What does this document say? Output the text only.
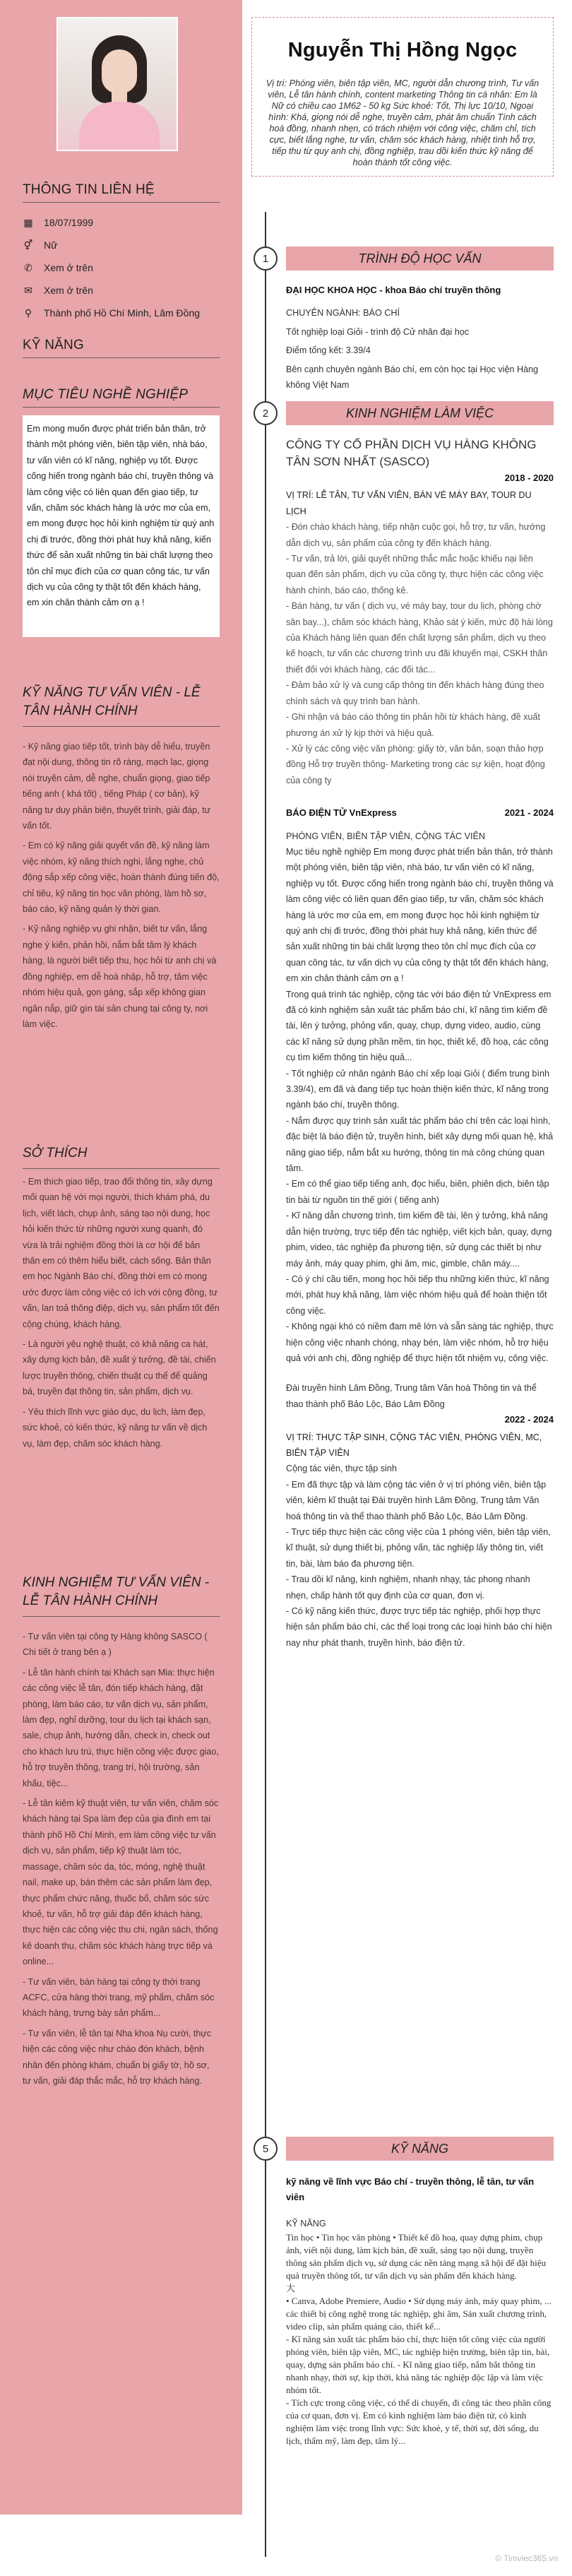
THÔNG TIN LIÊN HỆ
▦ 18/07/1999
⚥ Nữ
✆ Xem ở trên
✉ Xem ở trên
⚲ Thành phố Hồ Chí Minh, Lâm Đồng
KỸ NĂNG
MỤC TIÊU NGHỀ NGHIỆP
Em mong muốn được phát triển bản thân, trở thành một phóng viên, biên tập viên, nhà báo, tư vấn viên có kĩ năng, nghiệp vụ tốt. Được cống hiến trong ngành báo chí, truyền thông và làm công việc có liên quan đến giao tiếp, tư vấn, chăm sóc khách hàng là ước mơ của em, em mong được học hỏi kinh nghiệm từ quý anh chị đi trước, đồng thời phát huy khả năng, kiến thức để sản xuất những tin bài chất lượng theo tôn chỉ mục đích của cơ quan công tác, tư vấn dịch vụ của công ty thật tốt đến khách hàng, em xin chân thành cảm ơn ạ !
KỸ NĂNG TƯ VẤN VIÊN - LỄ TÂN HÀNH CHÍNH

- Kỹ năng giao tiếp tốt, trình bày dễ hiểu, truyền đạt nội dung, thông tin rõ ràng, mạch lạc, giọng nói truyền cảm, dễ nghe, chuẩn giọng, giao tiếp tiếng anh ( khá tốt) , tiếng Pháp ( cơ bản), kỹ năng tư duy phản biện, thuyết trình, giải đáp, tư vấn tốt.

- Em có kỹ năng giải quyết vấn đề, kỹ năng làm việc nhóm, kỹ năng thích nghi, lắng nghe, chủ động sắp xếp công việc, hoàn thành đúng tiến độ, chỉ tiêu, kỹ năng tin học văn phòng, làm hồ sơ, báo cáo, kỹ năng quản lý thời gian.

- Kỹ năng nghiệp vụ ghi nhận, biết tư vấn, lắng nghe ý kiến, phản hồi, nắm bắt tâm lý khách hàng, là người biết tiếp thu, học hỏi từ anh chị và đồng nghiệp, em dễ hoà nhập, hỗ trợ, tâm việc nhóm hiệu quả, gọn gàng, sắp xếp không gian ngăn nắp, giữ gìn tài sản chung tại công ty, nơi làm việc.

SỞ THÍCH

- Em thích giao tiếp, trao đổi thông tin, xây dựng mối quan hệ với mọi người, thích khám phá, du lịch, viết lách, chụp ảnh, sáng tạo nội dung, học hỏi kiến thức từ những người xung quanh, đó vừa là trải nghiệm đồng thời là cơ hội để bản thân em có thêm hiểu biết, cách sống. Bản thân em học Ngành Báo chí, đồng thời em có mong ước được làm công việc có ích với cộng đồng, tư vấn, lan toả thông điệp, dịch vụ, sản phẩm tốt đến cộng chúng, khách hàng.

- Là người yêu nghệ thuật, có khả năng ca hát, xây dựng kịch bản, đề xuất ý tưởng, đề tài, chiến lược truyền thông, chiến thuật cụ thể để quảng bá, truyền đạt thông tin, sản phẩm, dịch vụ.

- Yêu thích lĩnh vực giáo dục, du lịch, làm đẹp, sức khoẻ, có kiến thức, kỹ năng tư vấn về dịch vụ, làm đẹp, chăm sóc khách hàng.

KINH NGHIỆM TƯ VẤN VIÊN - LỄ TÂN HÀNH CHÍNH

- Tư vấn viên tại công ty Hàng không SASCO ( Chi tiết ở trang bên ạ )

- Lễ tân hành chính tại Khách sạn Mia: thực hiện các công việc lễ tân, đón tiếp khách hàng, đặt phòng, làm báo cáo, tư vấn dịch vụ, sản phẩm, làm đẹp, nghỉ dưỡng, tour du lịch tại khách sạn, sale, chụp ảnh, hướng dẫn, check in, check out cho khách lưu trú, thực hiện công việc được giao, hỗ trợ truyền thông, trang trí, hội trường, sản khấu, tiệc...

- Lễ tân kiêm kỹ thuật viên, tư vấn viên, chăm sóc khách hàng tại Spa làm đẹp của gia đình em tại thành phố Hồ Chí Minh, em làm công việc tư vấn dịch vụ, sản phẩm, tiếp kỹ thuật làm tóc, massage, chăm sóc da, tóc, móng, nghệ thuật nail, make up, bán thêm các sản phẩm làm đẹp, thực phẩm chức năng, thuốc bổ, chăm sóc sức khoẻ, tư vấn, hỗ trợ giải đáp đến khách hàng, thực hiện các công việc thu chi, ngân sách, thống kê doanh thu, chăm sóc khách hàng trực tiếp và online...

- Tư vấn viên, bán hàng tại công ty thời trang ACFC, cửa hàng thời trang, mỹ phẩm, chăm sóc khách hàng, trưng bày sản phẩm...

- Tư vấn viên, lễ tân tại Nha khoa Nụ cười, thực hiện các công việc như chào đón khách, bệnh nhân đến phòng khám, chuẩn bị giấy tờ, hồ sơ, tư vấn, giải đáp thắc mắc, hỗ trợ khách hàng.

Nguyễn Thị Hồng Ngọc
Vị trí: Phóng viên, biên tập viên, MC, người dẫn chương trình, Tư vấn viên, Lễ tân hành chính, content marketing Thông tin cá nhân: Em là Nữ có chiều cao 1M62 - 50 kg Sức khoẻ: Tốt, Thị lực 10/10, Ngoại hình: Khá, giọng nói dễ nghe, truyền cảm, phát âm chuẩn Tính cách hoà đồng, nhanh nhẹn, có trách nhiệm với công việc, chăm chỉ, tích cực, biết lắng nghe, tư vấn, chăm sóc khách hàng, nhiệt tình hỗ trợ, tiếp thu từ quy anh chị, đồng nghiệp, trau dồi kiến thức kỹ năng để hoàn thành tốt công việc.
1	TRÌNH ĐỘ HỌC VẤN
ĐẠI HỌC KHOA HỌC - khoa Báo chí truyền thông

CHUYÊN NGÀNH: BÁO CHÍ

Tốt nghiệp loại Giỏi - trình độ Cử nhân đại học

Điểm tổng kết: 3.39/4

Bên cạnh chuyên ngành Báo chí, em còn học tại Học viện Hàng không Việt Nam

2	KINH NGHIỆM LÀM VIỆC
CÔNG TY CỔ PHẦN DỊCH VỤ HÀNG KHÔNG TÂN SƠN NHẤT (SASCO)
2018 - 2020
VỊ TRÍ: LỄ TÂN, TƯ VẤN VIÊN, BÁN VÉ MÁY BAY, TOUR DU LỊCH

- Đón chào khách hàng, tiếp nhận cuộc gọi, hỗ trợ, tư vấn, hướng dẫn dịch vụ, sản phẩm của công ty đến khách hàng.

- Tư vấn, trả lời, giải quyết những thắc mắc hoặc khiếu nại liên quan đến sản phẩm, dịch vụ của công ty, thực hiện các công việc hành chính, báo cáo, thống kê.

- Bán hàng, tư vấn ( dịch vụ, vé máy bay, tour du lịch, phòng chờ sân bay...), chăm sóc khách hàng, Khảo sát ý kiến, mức độ hài lòng của Khách hàng liên quan đến chất lượng sản phẩm, dịch vụ theo kế hoạch, tư vấn các chương trình ưu đãi khuyến mại, CSKH thân thiết đối với khách hàng, các đối tác...

- Đảm bảo xử lý và cung cấp thông tin đến khách hàng đúng theo chính sách và quy trình ban hành.

- Ghi nhận và báo cáo thông tin phản hồi từ khách hàng, đề xuất phương án xử lý kịp thời và hiệu quả.

- Xử lý các công việc văn phòng: giấy tờ, văn bản, soạn thảo hợp đồng Hỗ trợ truyền thông- Marketing trong các sự kiện, hoạt động của công ty

BÁO ĐIỆN TỬ VnExpress	2021 - 2024

PHÓNG VIÊN, BIÊN TẬP VIÊN, CỘNG TÁC VIÊN

Mục tiêu nghề nghiệp Em mong được phát triển bản thân, trở thành một phóng viên, biên tập viên, nhà báo, tư vấn viên có kĩ năng, nghiệp vụ tốt. Được cống hiến trong ngành báo chí, truyền thông và làm công việc có liên quan đến giao tiếp, tư vấn, chăm sóc khách hàng là ước mơ của em, em mong được học hỏi kinh nghiệm từ quý anh chị đi trước, đồng thời phát huy khả năng, kiến thức để sản xuất những tin bài chất lượng theo tôn chỉ mục đích của cơ quan công tác, tư vấn dịch vụ của công ty thật tốt đến khách hàng, em xin chân thành cảm ơn ạ !

Trong quá trình tác nghiệp, cộng tác với báo điện tử VnExpress em đã có kinh nghiệm sản xuất tác phẩm báo chí, kĩ năng tìm kiếm đề tài, lên ý tưởng, phỏng vấn, quay, chụp, dựng video, audio, cùng các kĩ năng sử dụng phần mềm, tin học, thiết kế, đồ hoạ, các công cụ tìm kiếm thông tin hiệu quả...

- Tốt nghiệp cử nhân ngành Báo chí xếp loại Giỏi ( điểm trung bình 3.39/4), em đã và đang tiếp tục hoàn thiện kiến thức, kĩ năng trong ngành báo chí, truyền thông.

- Nắm được quy trình sản xuất tác phẩm báo chí trên các loại hình, đặc biệt là báo điện tử, truyền hình, biết xây dựng mối quan hệ, khả năng giao tiếp, nắm bắt xu hướng, thông tin mà công chúng quan tâm.

- Em có thể giao tiếp tiếng anh, đọc hiểu, biên, phiên dịch, biên tập tin bài từ nguồn tin thế giới ( tiếng anh)

- Kĩ năng dẫn chương trình, tìm kiếm đề tài, lên ý tưởng, khả năng dẫn hiện trường, trực tiếp đến tác nghiệp, viết kịch bản, quay, dựng phim, video, tác nghiệp đa phương tiện, sử dụng các thiết bị như máy ảnh, máy quay phim, ghi âm, mic, gimble, chân máy....

- Có ý chí cầu tiến, mong học hỏi tiếp thu những kiến thức, kĩ năng mới, phát huy khả năng, làm việc nhóm hiệu quả để hoàn thiện tốt công việc.

- Không ngại khó có niềm đam mê lớn và sẵn sàng tác nghiệp, thực hiện công việc nhanh chóng, nhạy bén, làm việc nhóm, hỗ trợ hiệu quả với anh chị, đồng nghiệp để thực hiện tốt nhiệm vụ, công việc.

Đài truyền hình Lâm Đồng, Trung tâm Văn hoá Thông tin và thể thao thành phố Bảo Lộc, Báo Lâm Đồng
2022 - 2024
VỊ TRÍ: THỰC TẬP SINH, CỘNG TÁC VIÊN, PHÓNG VIÊN, MC, BIÊN TẬP VIÊN

Cộng tác viên, thực tập sinh

- Em đã thực tập và làm cộng tác viên ở vị trí phóng viên, biên tập viên, kiêm kĩ thuật tại Đài truyền hình Lâm Đồng, Trung tâm Văn hoá thông tin và thể thao thành phố Bảo Lộc, Báo Lâm Đồng.

- Trực tiếp thực hiện các công việc của 1 phóng viên, biên tập viên, kĩ thuật, sử dụng thiết bị, phỏng vấn, tác nghiệp lấy thông tin, viết tin, bài, làm báo đa phương tiện.

- Trau dồi kĩ năng, kinh nghiệm, nhanh nhạy, tác phong nhanh nhẹn, chấp hành tốt quy định của cơ quan, đơn vị.

- Có kỹ năng kiến thức, được trực tiếp tác nghiệp, phối hợp thực hiện sản phẩm báo chí, các thể loại trong các loại hình báo chí hiện nay như phát thanh, truyền hình, báo điện tử.

5	KỸ NĂNG
kỹ năng về lĩnh vực Báo chí - truyền thông, lễ tân, tư vấn viên
KỸ NĂNG

Tin học • Tin học văn phòng • Thiết kế đồ hoạ, quay dựng phim, chụp ảnh, viết nội dung, làm kịch bản, đề xuất, sáng tạo nội dung, truyền thông sản phẩm dịch vụ, sử dụng các nền tảng mạng xã hội để đặt hiệu quả truyền thông tốt, tư vấn dịch vụ sản phẩm đến khách hàng.

大

• Canva, Adobe Premiere, Audio • Sử dụng máy ảnh, máy quay phim, ... các thiết bị công nghệ trong tác nghiệp, ghi âm, Sản xuất chương trình, video clip, sản phẩm quảng cáo, thiết kế...

- Kĩ năng sản xuất tác phẩm báo chí, thực hiện tốt công việc của người phóng viên, biên tập viên, MC, tác nghiệp hiện trường, biên tập tin, bài, quay, dựng sản phẩm báo chí. - Kĩ năng giao tiếp, nắm bắt thông tin nhanh nhạy, thời sự, kịp thời, khả năng tác nghiệp độc lập và làm việc nhóm tốt.

- Tích cực trong công việc, có thể di chuyển, đi công tác theo phân công của cơ quan, đơn vị. Em có kinh nghiệm làm báo điện tử, có kinh nghiệm làm việc trong lĩnh vực: Sức khoẻ, y tế, thời sự, đời sống, du lịch, thẩm mỹ, làm đẹp, tâm lý...

© Timviec365.vn
